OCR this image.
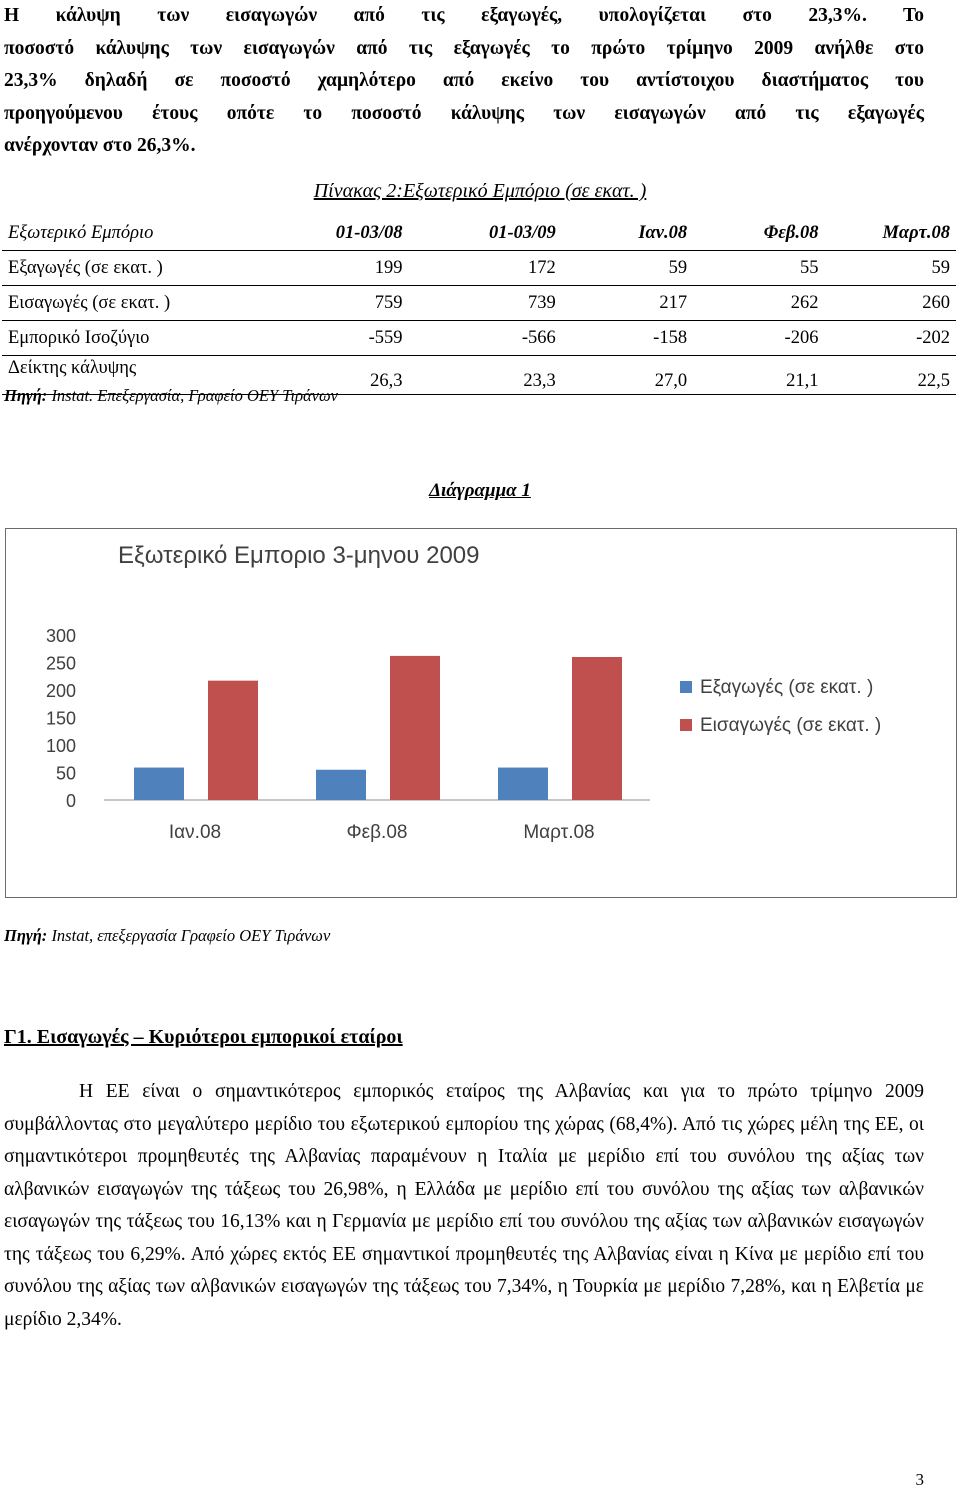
Η κάλυψη των εισαγωγών από τις εξαγωγές, υπολογίζεται στο 23,3%. Το
ποσοστό κάλυψης των εισαγωγών από τις εξαγωγές το πρώτο τρίμηνο 2009 ανήλθε στο
23,3% δηλαδή σε ποσοστό χαμηλότερο από εκείνο του αντίστοιχου διαστήματος του
προηγούμενου έτους οπότε το ποσοστό κάλυψης των εισαγωγών από τις εξαγωγές
ανέρχονταν στο 26,3%.
Πίνακας 2:Εξωτερικό Εμπόριο (σε εκατ. )
Εξωτερικό Εμπόριο	01-03/08	01-03/09	Ιαν.08	Φεβ.08	Μαρτ.08
Εξαγωγές (σε εκατ. )	199	172	59	55	59
Εισαγωγές (σε εκατ. )	759	739	217	262	260
Εμπορικό Ισοζύγιο	-559	-566	-158	-206	-202
Δείκτης κάλυψης	26,3	23,3	27,0	21,1	22,5
Πηγή: Instat. Επεξεργασία, Γραφείο ΟΕΥ Τιράνων
Διάγραμμα 1
Εξωτερικό Εμποριο 3-μηνου 2009
0
50
100
150
200
250
300
Ιαν.08	Φεβ.08	Μαρτ.08
Εξαγωγές (σε εκατ. )
Εισαγωγές (σε εκατ. )
Πηγή: Instat, επεξεργασία Γραφείο ΟΕΥ Τιράνων
Γ1. Εισαγωγές – Κυριότεροι εμπορικοί εταίροι
Η ΕΕ είναι ο σημαντικότερος εμπορικός εταίρος της Αλβανίας και για το πρώτο τρίμηνο 2009 συμβάλλοντας στο μεγαλύτερο μερίδιο του εξωτερικού εμπορίου της χώρας (68,4%). Από τις χώρες μέλη της ΕΕ, οι σημαντικότεροι προμηθευτές της Αλβανίας παραμένουν η Ιταλία με μερίδιο επί του συνόλου της αξίας των αλβανικών εισαγωγών της τάξεως του 26,98%, η Ελλάδα με μερίδιο επί του συνόλου της αξίας των αλβανικών εισαγωγών της τάξεως του 16,13% και η Γερμανία με μερίδιο επί του συνόλου της αξίας των αλβανικών εισαγωγών της τάξεως του 6,29%. Από χώρες εκτός ΕΕ σημαντικοί προμηθευτές της Αλβανίας είναι η Κίνα με μερίδιο επί του συνόλου της αξίας των αλβανικών εισαγωγών της τάξεως του 7,34%, η Τουρκία με μερίδιο 7,28%, και η Ελβετία με μερίδιο 2,34%.
3
